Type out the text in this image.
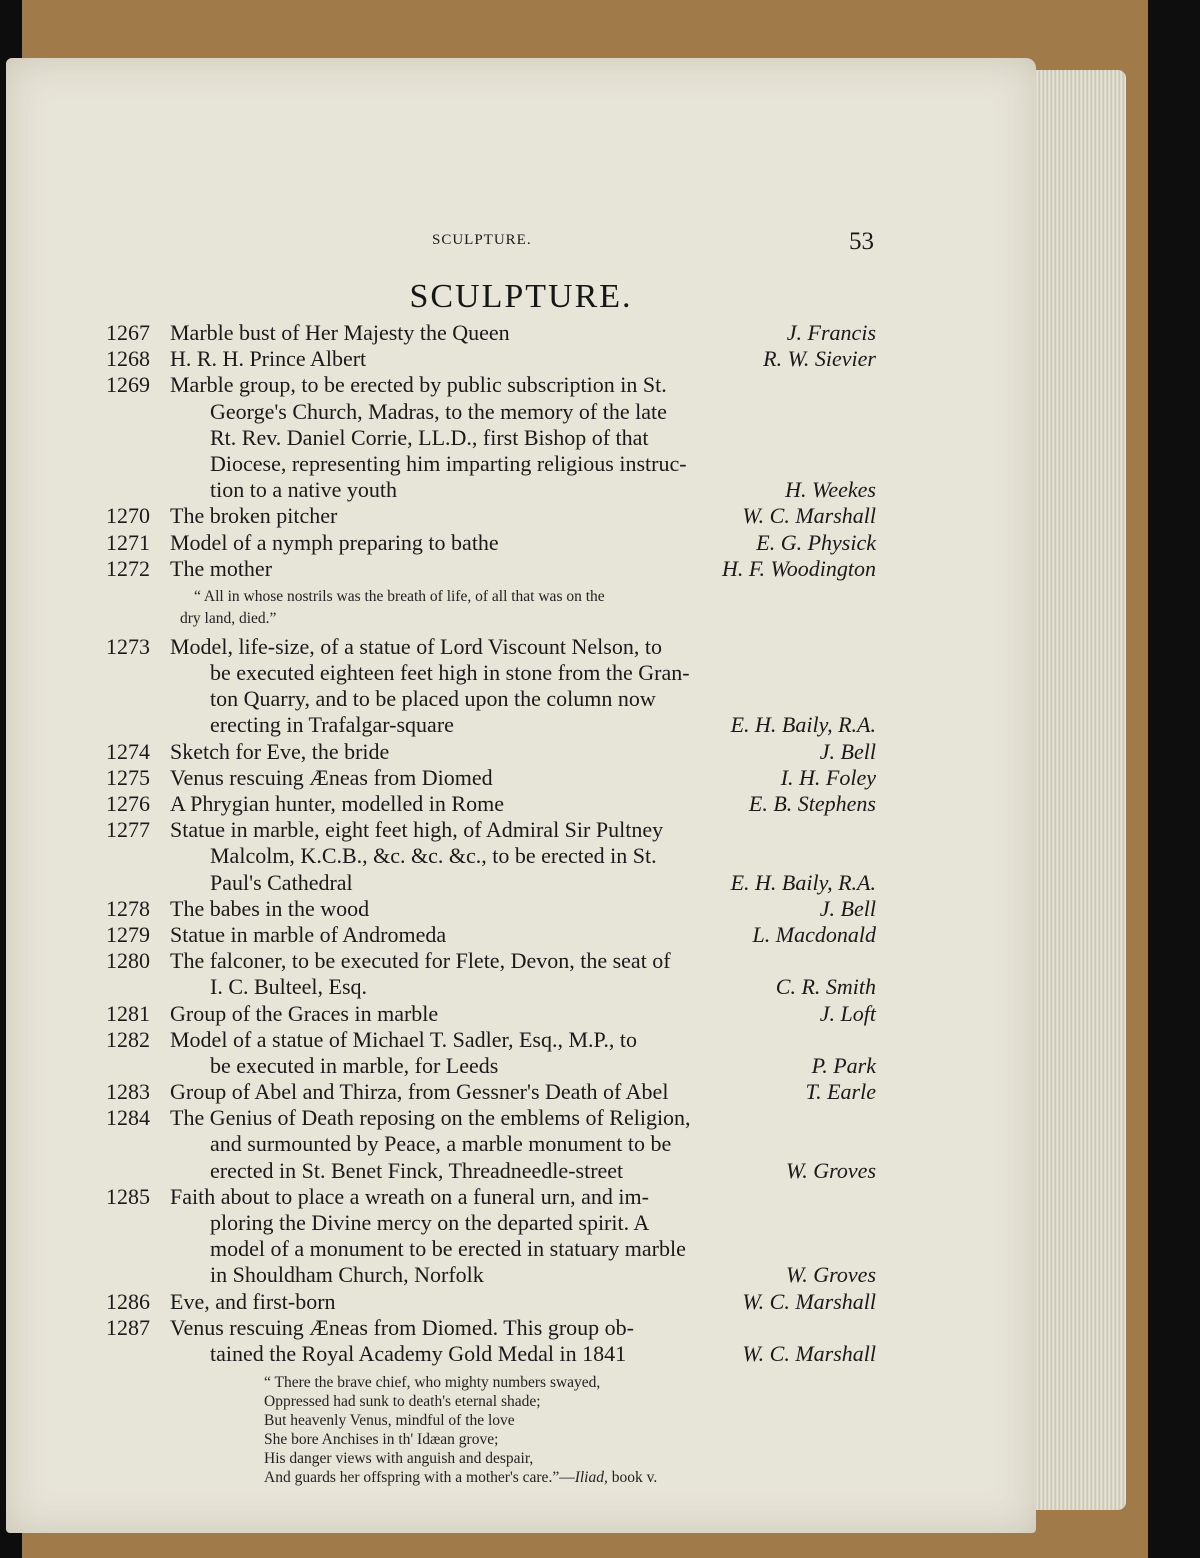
SCULPTURE.	53
SCULPTURE.
1267 Marble bust of Her Majesty the Queen	J. Francis
1268 H. R. H. Prince Albert	R. W. Sievier
1269 Marble group, to be erected by public subscription in St.
George's Church, Madras, to the memory of the late
Rt. Rev. Daniel Corrie, LL.D., first Bishop of that
Diocese, representing him imparting religious instruc-
tion to a native youth	H. Weekes
1270 The broken pitcher	W. C. Marshall
1271 Model of a nymph preparing to bathe	E. G. Physick
1272 The mother	H. F. Woodington
“ All in whose nostrils was the breath of life, of all that was on the
dry land, died.”
1273 Model, life-size, of a statue of Lord Viscount Nelson, to
be executed eighteen feet high in stone from the Gran-
ton Quarry, and to be placed upon the column now
erecting in Trafalgar-square	E. H. Baily, R.A.
1274 Sketch for Eve, the bride	J. Bell
1275 Venus rescuing Æneas from Diomed	I. H. Foley
1276 A Phrygian hunter, modelled in Rome	E. B. Stephens
1277 Statue in marble, eight feet high, of Admiral Sir Pultney
Malcolm, K.C.B., &c. &c. &c., to be erected in St.
Paul's Cathedral	E. H. Baily, R.A.
1278 The babes in the wood	J. Bell
1279 Statue in marble of Andromeda	L. Macdonald
1280 The falconer, to be executed for Flete, Devon, the seat of
I. C. Bulteel, Esq.	C. R. Smith
1281 Group of the Graces in marble	J. Loft
1282 Model of a statue of Michael T. Sadler, Esq., M.P., to
be executed in marble, for Leeds	P. Park
1283 Group of Abel and Thirza, from Gessner's Death of Abel	T. Earle
1284 The Genius of Death reposing on the emblems of Religion,
and surmounted by Peace, a marble monument to be
erected in St. Benet Finck, Threadneedle-street	W. Groves
1285 Faith about to place a wreath on a funeral urn, and im-
ploring the Divine mercy on the departed spirit. A
model of a monument to be erected in statuary marble
in Shouldham Church, Norfolk	W. Groves
1286 Eve, and first-born	W. C. Marshall
1287 Venus rescuing Æneas from Diomed. This group ob-
tained the Royal Academy Gold Medal in 1841	W. C. Marshall
“ There the brave chief, who mighty numbers swayed,
Oppressed had sunk to death's eternal shade;
But heavenly Venus, mindful of the love
She bore Anchises in th' Idæan grove;
His danger views with anguish and despair,
And guards her offspring with a mother's care.”—Iliad, book v.
